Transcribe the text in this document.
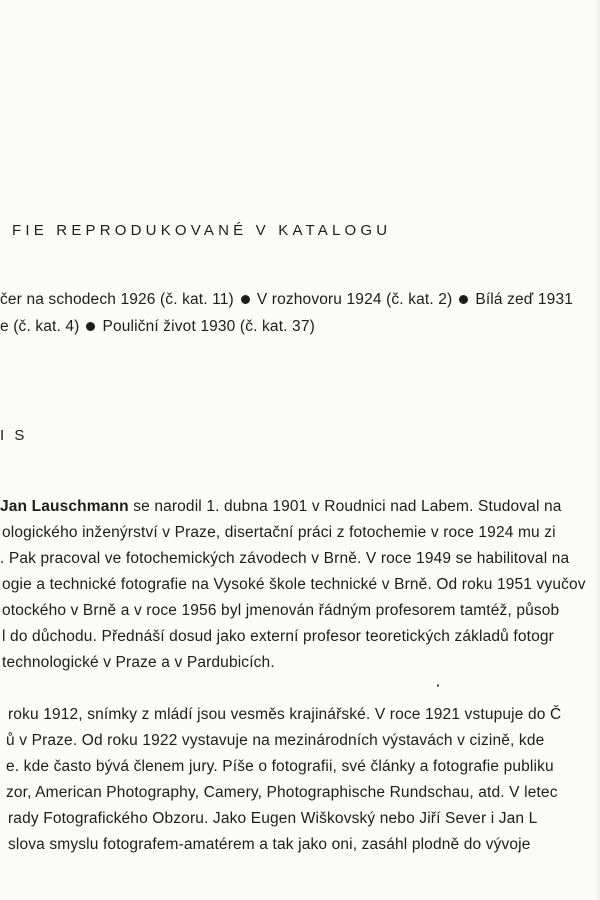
FIE REPRODUKOVANÉ V KATALOGU
čer na schodech 1926 (č. kat. 11) V rozhovoru 1924 (č. kat. 2) Bílá zeď 1931
e (č. kat. 4) Pouliční život 1930 (č. kat. 37)
I S
Jan Lauschmann se narodil 1. dubna 1901 v Roudnici nad Labem. Studoval na
ologického inženýrství v Praze, disertační práci z fotochemie v roce 1924 mu zi
. Pak pracoval ve fotochemických závodech v Brně. V roce 1949 se habilitoval na
ogie a technické fotografie na Vysoké škole technické v Brně. Od roku 1951 vyučov
otockého v Brně a v roce 1956 byl jmenován řádným profesorem tamtéž, působ
l do důchodu. Přednáší dosud jako externí profesor teoretických základů fotogr
technologické v Praze a v Pardubicích.
roku 1912, snímky z mládí jsou vesměs krajinářské. V roce 1921 vstupuje do Č
ů v Praze. Od roku 1922 vystavuje na mezinárodních výstavách v cizině, kde
e. kde často bývá členem jury. Píše o fotografii, své články a fotografie publiku
zor, American Photography, Camery, Photographische Rundschau, atd. V letec
rady Fotografického Obzoru. Jako Eugen Wiškovský nebo Jiří Sever i Jan L
slova smyslu fotografem-amatérem a tak jako oni, zasáhl plodně do vývoje
